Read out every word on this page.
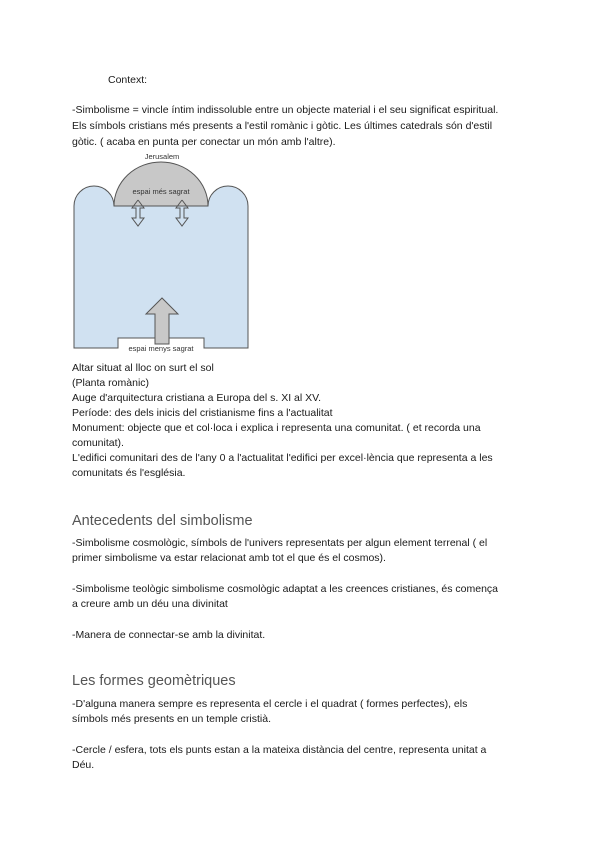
Context:
-Simbolisme = vincle íntim indissoluble entre un objecte material i el seu significat espiritual.
Els símbols cristians més presents a l'estil romànic i gòtic. Les últimes catedrals són d'estil
gòtic. ( acaba en punta per conectar un món amb l'altre).
Jerusalem
espai més sagrat
espai menys sagrat
Altar situat al lloc on surt el sol
(Planta romànic)
Auge d'arquitectura cristiana a Europa del s. XI al XV.
Període: des dels inicis del cristianisme fins a l'actualitat
Monument: objecte que et col·loca i explica i representa una comunitat. ( et recorda una
comunitat).
L'edifici comunitari des de l'any 0 a l'actualitat l'edifici per excel·lència que representa a les
comunitats és l'església.
Antecedents del simbolisme
-Simbolisme cosmològic, símbols de l'univers representats per algun element terrenal ( el
primer simbolisme va estar relacionat amb tot el que és el cosmos).
-Simbolisme teològic simbolisme cosmològic adaptat a les creences cristianes, és comença
a creure amb un déu una divinitat
-Manera de connectar-se amb la divinitat.
Les formes geomètriques
-D'alguna manera sempre es representa el cercle i el quadrat ( formes perfectes), els
símbols més presents en un temple cristià.
-Cercle / esfera, tots els punts estan a la mateixa distància del centre, representa unitat a
Déu.
